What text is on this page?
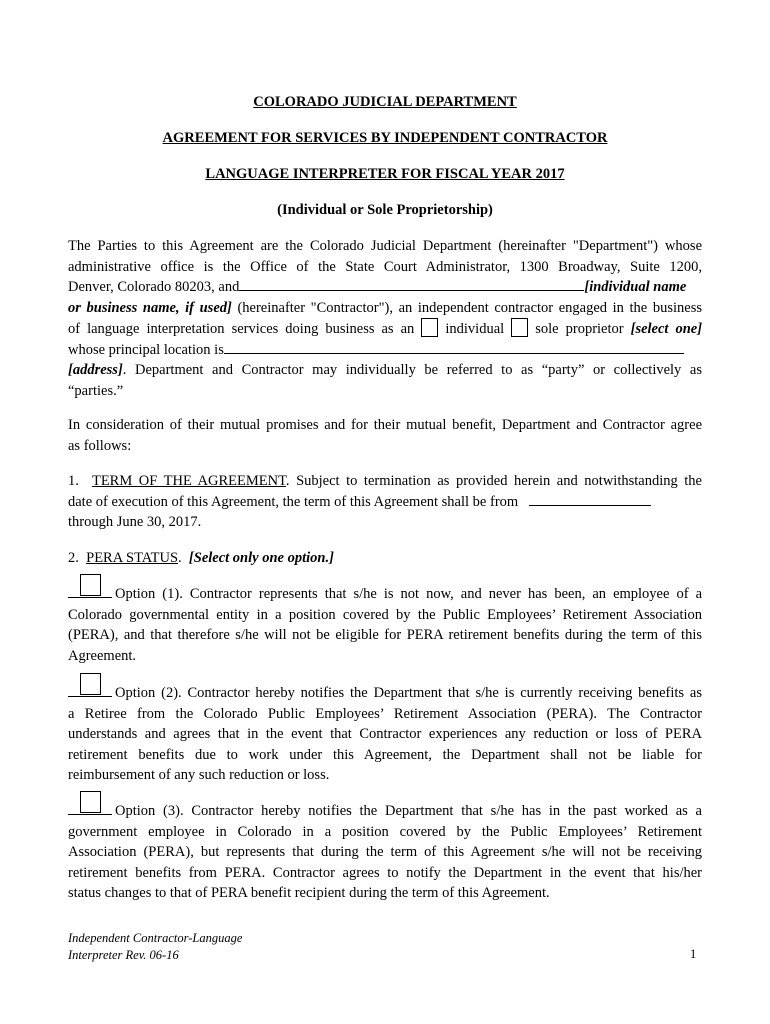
COLORADO JUDICIAL DEPARTMENT
AGREEMENT FOR SERVICES BY INDEPENDENT CONTRACTOR
LANGUAGE INTERPRETER FOR FISCAL YEAR 2017
(Individual or Sole Proprietorship)
The Parties to this Agreement are the Colorado Judicial Department (hereinafter "Department") whose
administrative office is the Office of the State Court Administrator, 1300 Broadway, Suite 1200,
Denver, Colorado 80203, and	[individual name
or business name, if used] (hereinafter "Contractor"), an independent contractor engaged in the business
of language interpretation services doing business as an individual sole proprietor [select one]
whose principal location is
[address]. Department and Contractor may individually be referred to as “party” or collectively as
“parties.”
In consideration of their mutual promises and for their mutual benefit, Department and Contractor agree
as follows:
1. TERM OF THE AGREEMENT. Subject to termination as provided herein and notwithstanding the
date of execution of this Agreement, the term of this Agreement shall be from
through June 30, 2017.
2. PERA STATUS.  [Select only one option.]
Option (1). Contractor represents that s/he is not now, and never has been, an employee of a
Colorado governmental entity in a position covered by the Public Employees’ Retirement Association
(PERA), and that therefore s/he will not be eligible for PERA retirement benefits during the term of this
Agreement.
Option (2). Contractor hereby notifies the Department that s/he is currently receiving benefits as
a Retiree from the Colorado Public Employees’ Retirement Association (PERA). The Contractor
understands and agrees that in the event that Contractor experiences any reduction or loss of PERA
retirement benefits due to work under this Agreement, the Department shall not be liable for
reimbursement of any such reduction or loss.
Option (3). Contractor hereby notifies the Department that s/he has in the past worked as a
government employee in Colorado in a position covered by the Public Employees’ Retirement
Association (PERA), but represents that during the term of this Agreement s/he will not be receiving
retirement benefits from PERA. Contractor agrees to notify the Department in the event that his/her
status changes to that of PERA benefit recipient during the term of this Agreement.
Independent Contractor-Language
Interpreter Rev. 06-16	1
